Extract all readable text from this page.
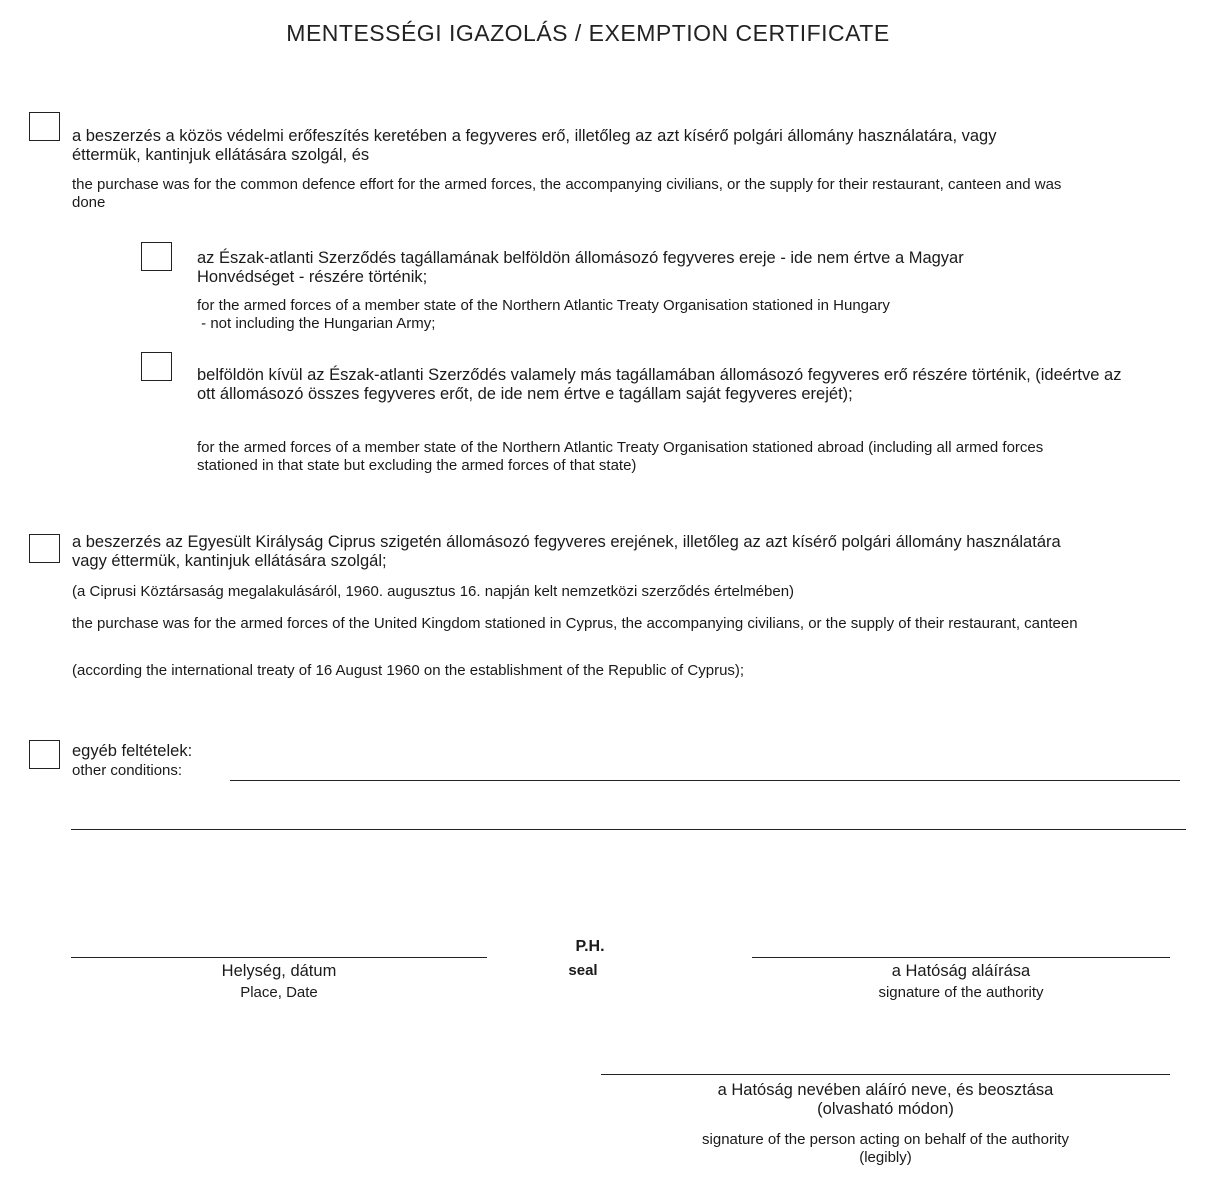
MENTESSÉGI IGAZOLÁS / EXEMPTION CERTIFICATE
a beszerzés a közös védelmi erőfeszítés keretében a fegyveres erő, illetőleg az azt kísérő polgári állomány használatára, vagy éttermük, kantinjuk ellátására szolgál, és
the purchase was for the common defence effort for the armed forces, the accompanying civilians, or the supply for their restaurant, canteen and was done
az Észak-atlanti Szerződés tagállamának belföldön állomásozó fegyveres ereje - ide nem értve a Magyar Honvédséget - részére történik;
for the armed forces of a member state of the Northern Atlantic Treaty Organisation stationed in Hungary
- not including the Hungarian Army;
belföldön kívül az Észak-atlanti Szerződés valamely más tagállamában állomásozó fegyveres erő részére történik, (ideértve az ott állomásozó összes fegyveres erőt, de ide nem értve e tagállam saját fegyveres erejét);
for the armed forces of a member state of the Northern Atlantic Treaty Organisation stationed abroad (including all armed forces stationed in that state but excluding the armed forces of that state)
a beszerzés az Egyesült Királyság Ciprus szigetén állomásozó fegyveres erejének, illetőleg az azt kísérő polgári állomány használatára vagy éttermük, kantinjuk ellátására szolgál;
(a Ciprusi Köztársaság megalakulásáról, 1960. augusztus 16. napján kelt nemzetközi szerződés értelmében)
the purchase was for the armed forces of the United Kingdom stationed in Cyprus, the accompanying civilians, or the supply of their restaurant, canteen
(according the international treaty of 16 August 1960 on the establishment of the Republic of Cyprus);
egyéb feltételek:
other conditions:
Helység, dátum
Place, Date
P.H.
seal	a Hatóság aláírása
signature of the authority
a Hatóság nevében aláíró neve, és beosztása
(olvasható módon)
signature of the person acting on behalf of the authority
(legibly)
